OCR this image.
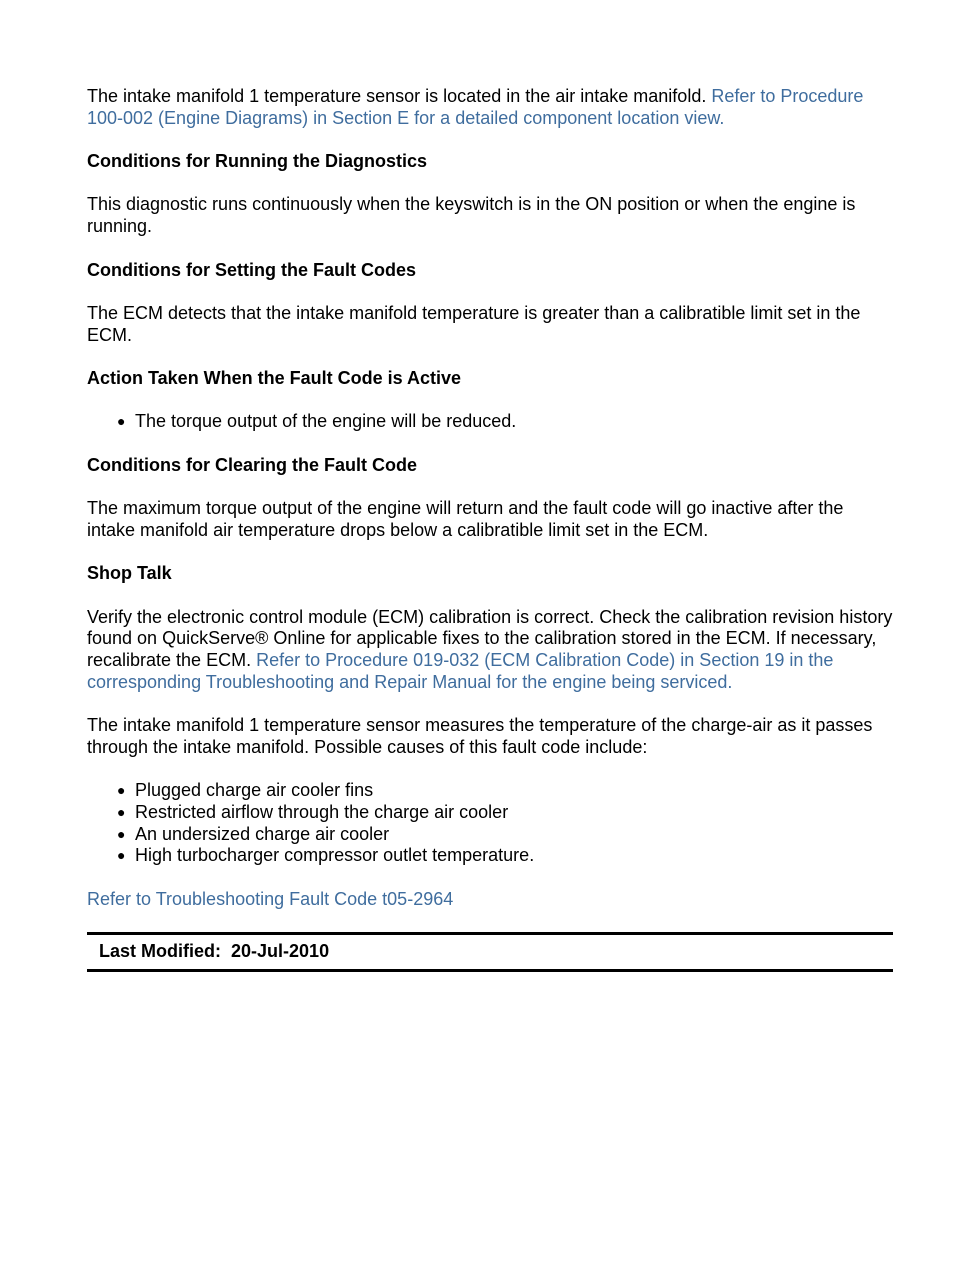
The intake manifold 1 temperature sensor is located in the air intake manifold. Refer to Procedure 100-002 (Engine Diagrams) in Section E for a detailed component location view.

Conditions for Running the Diagnostics

This diagnostic runs continuously when the keyswitch is in the ON position or when the engine is running.

Conditions for Setting the Fault Codes

The ECM detects that the intake manifold temperature is greater than a calibratible limit set in the ECM.

Action Taken When the Fault Code is Active
● The torque output of the engine will be reduced.
Conditions for Clearing the Fault Code

The maximum torque output of the engine will return and the fault code will go inactive after the intake manifold air temperature drops below a calibratible limit set in the ECM.

Shop Talk

Verify the electronic control module (ECM) calibration is correct. Check the calibration revision history found on QuickServe® Online for applicable fixes to the calibration stored in the ECM. If necessary, recalibrate the ECM. Refer to Procedure 019-032 (ECM Calibration Code) in Section 19 in the corresponding Troubleshooting and Repair Manual for the engine being serviced.

The intake manifold 1 temperature sensor measures the temperature of the charge-air as it passes through the intake manifold. Possible causes of this fault code include:

● Plugged charge air cooler fins
● Restricted airflow through the charge air cooler
● An undersized charge air cooler
● High turbocharger compressor outlet temperature.

Refer to Troubleshooting Fault Code t05-2964

Last Modified: 20-Jul-2010
